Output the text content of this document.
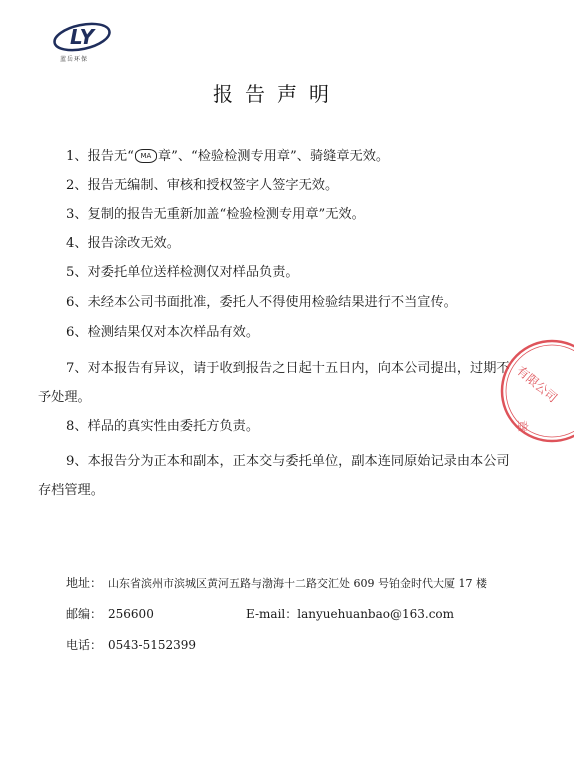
LY
蓝岳环保
报告声明
1、报告无“ MA 章”、“检验检测专用章”、骑缝章无效。
2、报告无编制、审核和授权签字人签字无效。
3、复制的报告无重新加盖“检验检测专用章”无效。
4、报告涂改无效。
5、对委托单位送样检测仅对样品负责。
6、未经本公司书面批准，委托人不得使用检验结果进行不当宣传。
6、检测结果仅对本次样品有效。
7、对本报告有异议，请于收到报告之日起十五日内，向本公司提出，过期不予处理。
8、样品的真实性由委托方负责。
9、本报告分为正本和副本，正本交与委托单位，副本连同原始记录由本公司存档管理。
地址： 山东省滨州市滨城区黄河五路与渤海十二路交汇处 609 号铂金时代大厦 17 楼
邮编： 256600	E-mail：lanyuehuanbao@163.com
电话： 0543-5152399
有限公司
章
